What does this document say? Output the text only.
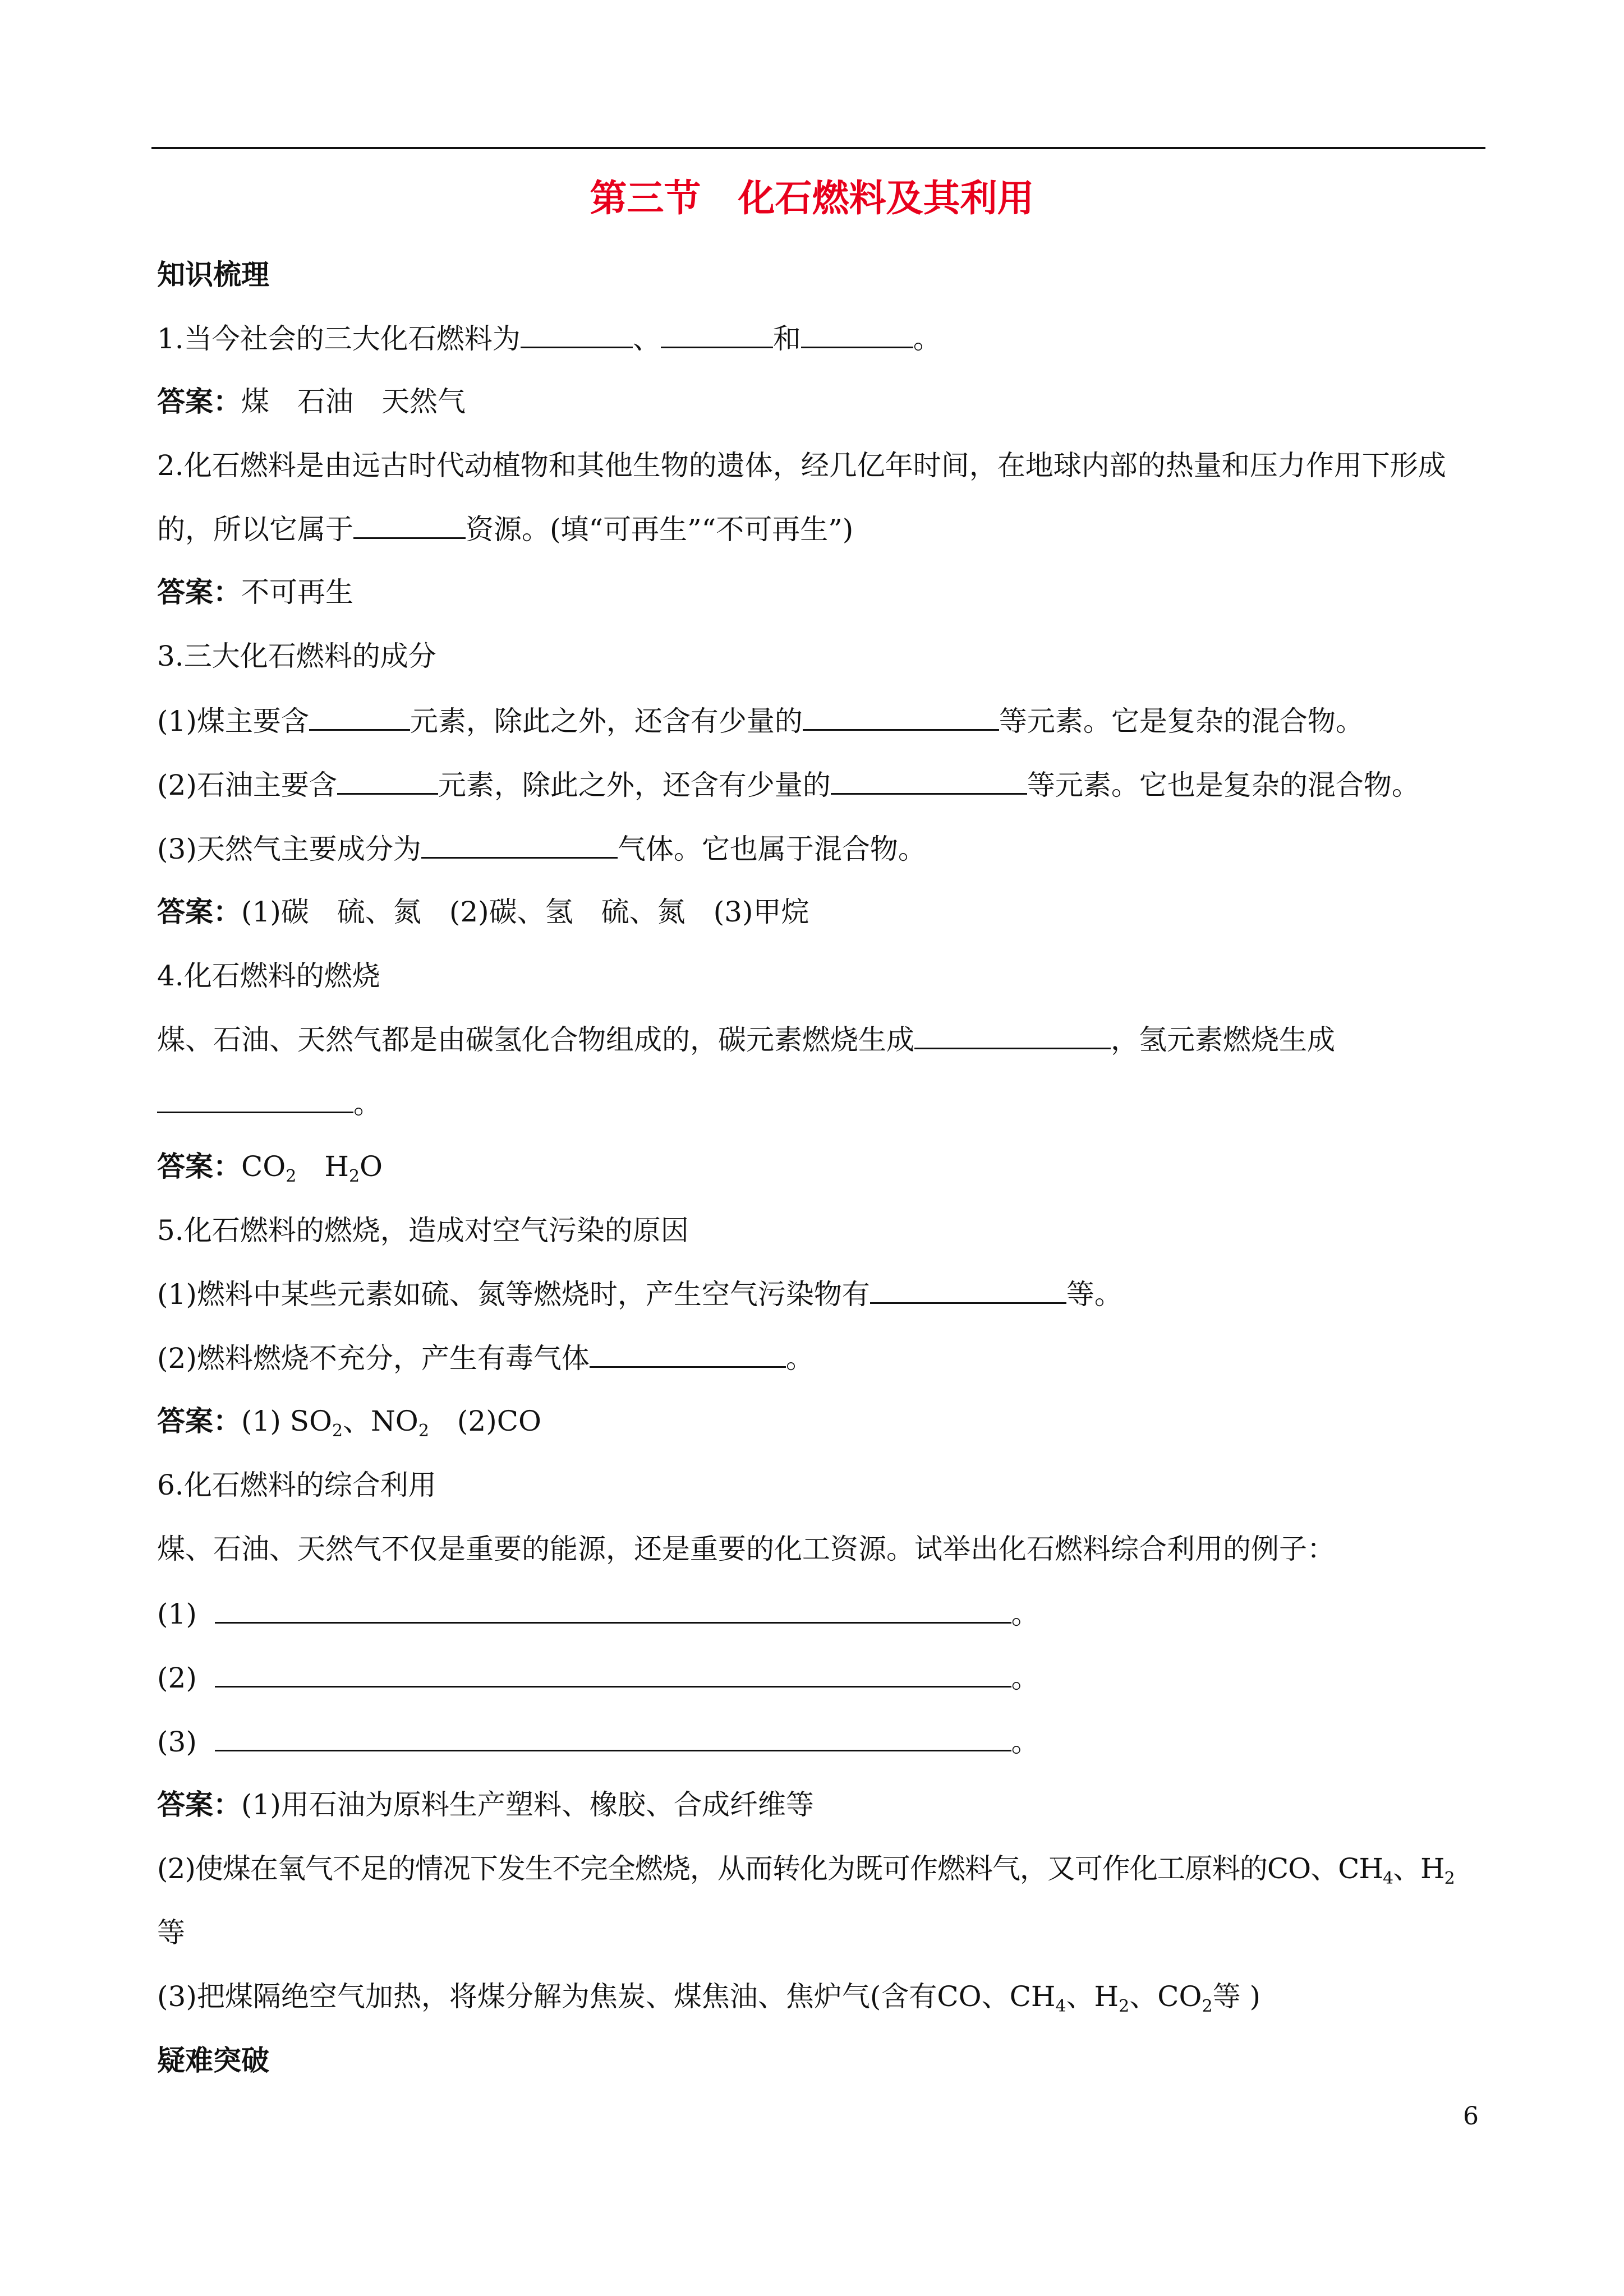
第三节　化石燃料及其利用
知识梳理
1.当今社会的三大化石燃料为	、	和	。
答案：煤　石油　天然气
2.化石燃料是由远古时代动植物和其他生物的遗体，经几亿年时间，在地球内部的热量和压力作用下形成
的，所以它属于	资源。(填“可再生”“不可再生”)
答案：不可再生
3.三大化石燃料的成分
(1)煤主要含	元素，除此之外，还含有少量的	等元素。它是复杂的混合物。
(2)石油主要含	元素，除此之外，还含有少量的	等元素。它也是复杂的混合物。
(3)天然气主要成分为	气体。它也属于混合物。
答案：(1)碳　硫、氮　(2)碳、氢　硫、氮　(3)甲烷
4.化石燃料的燃烧
煤、石油、天然气都是由碳氢化合物组成的，碳元素燃烧生成	，氢元素燃烧生成
。
答案：$CO_2$　 $H_2O$
5.化石燃料的燃烧，造成对空气污染的原因
(1)燃料中某些元素如硫、氮等燃烧时，产生空气污染物有	等。
(2)燃料燃烧不充分，产生有毒气体	。
答案：(1) $SO_2$、$NO_2$　(2)CO
6.化石燃料的综合利用
煤、石油、天然气不仅是重要的能源，还是重要的化工资源。试举出化石燃料综合利用的例子：
(1)	。
(2)	。
(3)	。
答案：(1)用石油为原料生产塑料、橡胶、合成纤维等
(2)使煤在氧气不足的情况下发生不完全燃烧，从而转化为既可作燃料气，又可作化工原料的CO、$CH_4$、$H_2$
等
(3)把煤隔绝空气加热，将煤分解为焦炭、煤焦油、焦炉气(含有CO、$CH_4$、$H_2$、$CO_2$等 )
疑难突破
6
